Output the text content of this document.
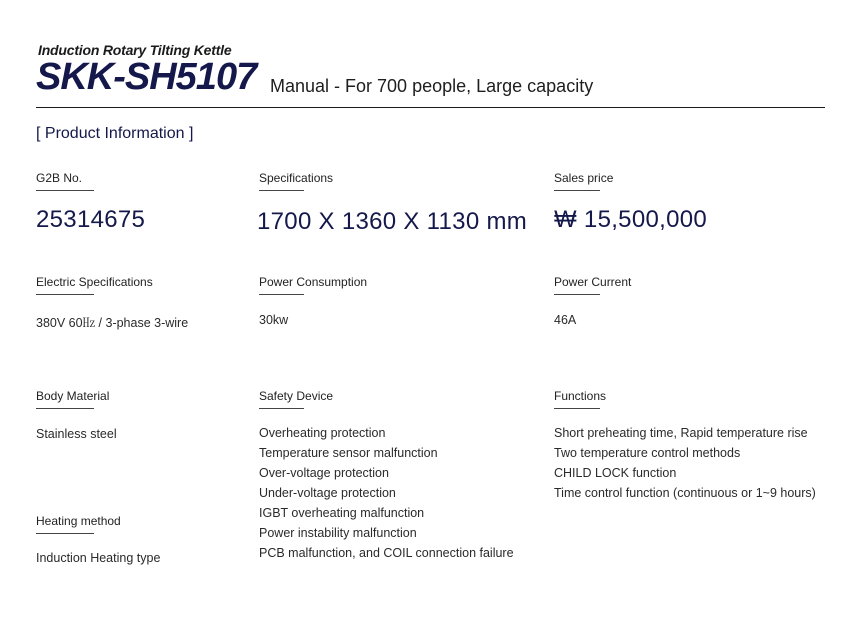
Induction Rotary Tilting Kettle
SKK-SH5107 Manual - For 700 people, Large capacity
[ Product Information ]
G2B No.
25314675
Specifications
1700 X 1360 X 1130 mm
Sales price
₩ 15,500,000
Electric Specifications
380V 60㎐ / 3-phase 3-wire
Power Consumption
30kw
Power Current
46A
Body Material
Stainless steel
Heating method
Induction Heating type
Safety Device
Overheating protection
Temperature sensor malfunction
Over-voltage protection
Under-voltage protection
IGBT overheating malfunction
Power instability malfunction
PCB malfunction, and COIL connection failure
Functions
Short preheating time, Rapid temperature rise
Two temperature control methods
CHILD LOCK function
Time control function (continuous or 1~9 hours)
